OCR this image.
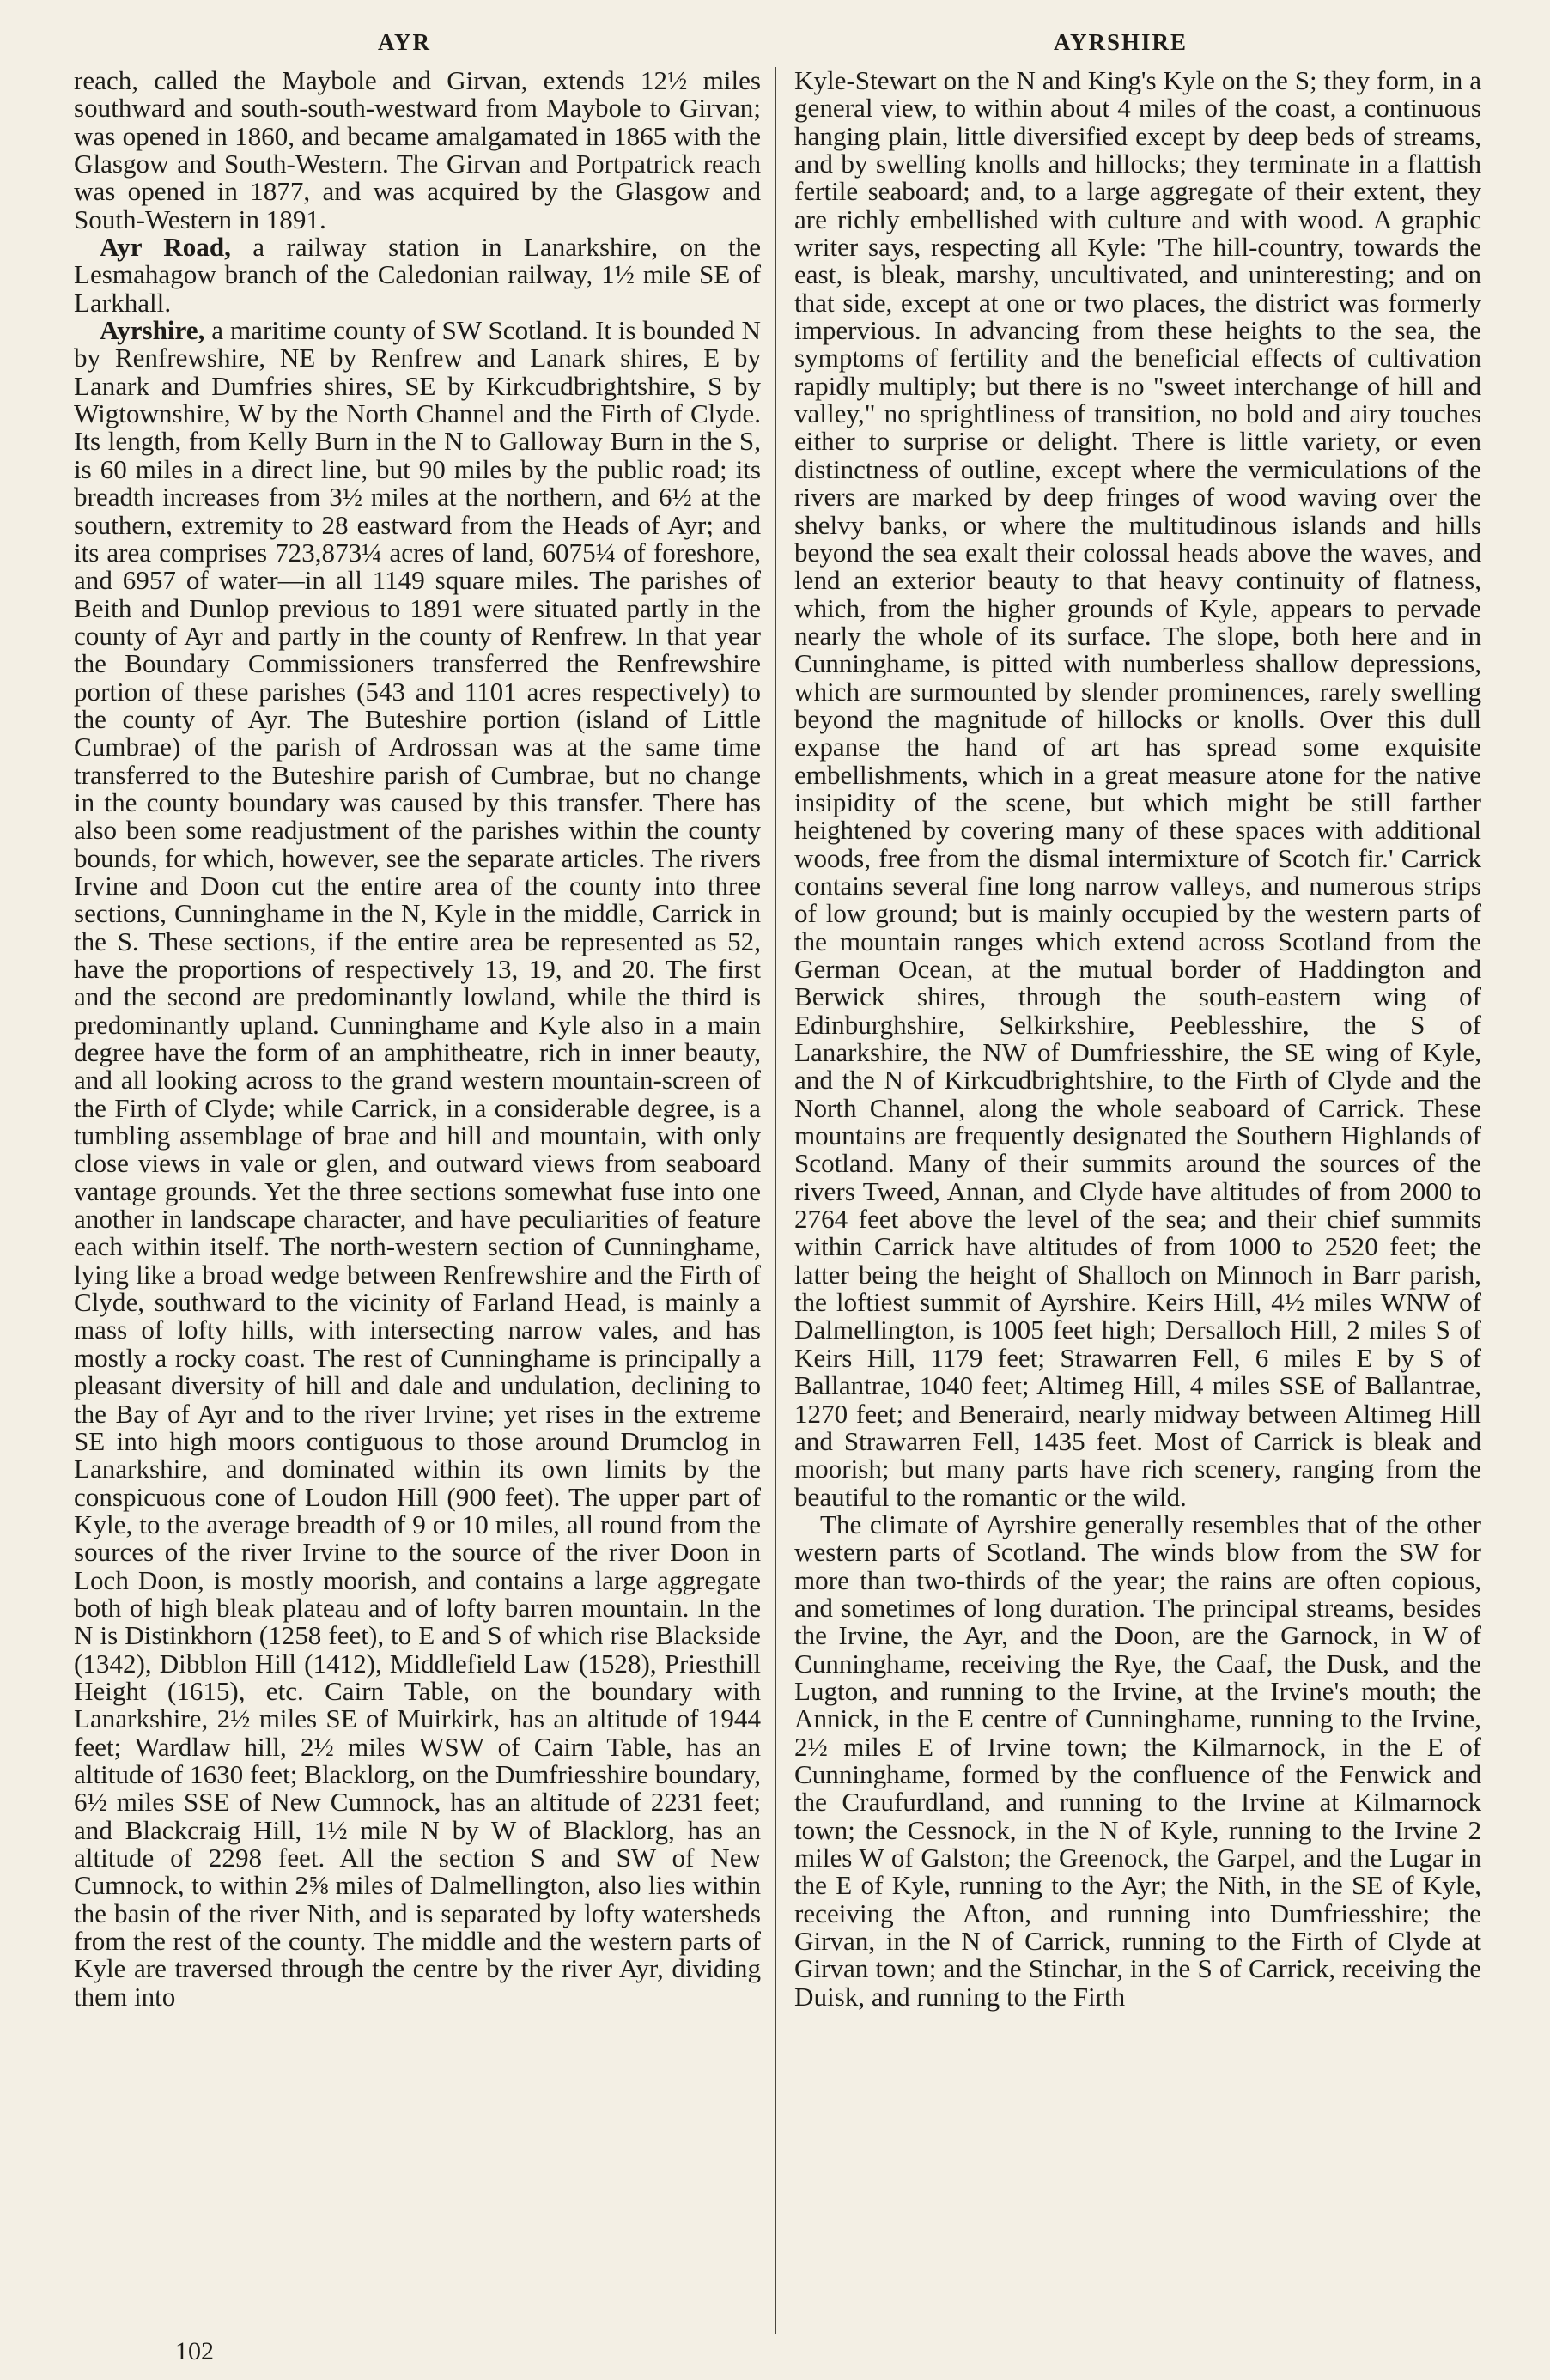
AYR	AYRSHIRE

reach, called the Maybole and Girvan, extends 12½ miles southward and south-south-westward from Maybole to Girvan; was opened in 1860, and became amalgamated in 1865 with the Glasgow and South-Western. The Girvan and Portpatrick reach was opened in 1877, and was acquired by the Glasgow and South-Western in 1891.

Ayr Road, a railway station in Lanarkshire, on the Lesmahagow branch of the Caledonian railway, 1½ mile SE of Larkhall.

Ayrshire, a maritime county of SW Scotland. It is bounded N by Renfrewshire, NE by Renfrew and Lanark shires, E by Lanark and Dumfries shires, SE by Kirkcudbrightshire, S by Wigtownshire, W by the North Channel and the Firth of Clyde. Its length, from Kelly Burn in the N to Galloway Burn in the S, is 60 miles in a direct line, but 90 miles by the public road; its breadth increases from 3½ miles at the northern, and 6½ at the southern, extremity to 28 eastward from the Heads of Ayr; and its area comprises 723,873¼ acres of land, 6075¼ of foreshore, and 6957 of water—in all 1149 square miles. The parishes of Beith and Dunlop previous to 1891 were situated partly in the county of Ayr and partly in the county of Renfrew. In that year the Boundary Commissioners transferred the Renfrewshire portion of these parishes (543 and 1101 acres respectively) to the county of Ayr. The Buteshire portion (island of Little Cumbrae) of the parish of Ardrossan was at the same time transferred to the Buteshire parish of Cumbrae, but no change in the county boundary was caused by this transfer. There has also been some readjustment of the parishes within the county bounds, for which, however, see the separate articles. The rivers Irvine and Doon cut the entire area of the county into three sections, Cunninghame in the N, Kyle in the middle, Carrick in the S. These sections, if the entire area be represented as 52, have the proportions of respectively 13, 19, and 20. The first and the second are predominantly lowland, while the third is predominantly upland. Cunninghame and Kyle also in a main degree have the form of an amphitheatre, rich in inner beauty, and all looking across to the grand western mountain-screen of the Firth of Clyde; while Carrick, in a considerable degree, is a tumbling assemblage of brae and hill and mountain, with only close views in vale or glen, and outward views from seaboard vantage grounds. Yet the three sections somewhat fuse into one another in landscape character, and have peculiarities of feature each within itself. The north-western section of Cunninghame, lying like a broad wedge between Renfrewshire and the Firth of Clyde, southward to the vicinity of Farland Head, is mainly a mass of lofty hills, with intersecting narrow vales, and has mostly a rocky coast. The rest of Cunninghame is principally a pleasant diversity of hill and dale and undulation, declining to the Bay of Ayr and to the river Irvine; yet rises in the extreme SE into high moors contiguous to those around Drumclog in Lanarkshire, and dominated within its own limits by the conspicuous cone of Loudon Hill (900 feet). The upper part of Kyle, to the average breadth of 9 or 10 miles, all round from the sources of the river Irvine to the source of the river Doon in Loch Doon, is mostly moorish, and contains a large aggregate both of high bleak plateau and of lofty barren mountain. In the N is Distinkhorn (1258 feet), to E and S of which rise Blackside (1342), Dibblon Hill (1412), Middlefield Law (1528), Priesthill Height (1615), etc. Cairn Table, on the boundary with Lanarkshire, 2½ miles SE of Muirkirk, has an altitude of 1944 feet; Wardlaw hill, 2½ miles WSW of Cairn Table, has an altitude of 1630 feet; Blacklorg, on the Dumfriesshire boundary, 6½ miles SSE of New Cumnock, has an altitude of 2231 feet; and Blackcraig Hill, 1½ mile N by W of Blacklorg, has an altitude of 2298 feet. All the section S and SW of New Cumnock, to within 2⅝ miles of Dalmellington, also lies within the basin of the river Nith, and is separated by lofty watersheds from the rest of the county. The middle and the western parts of Kyle are traversed through the centre by the river Ayr, dividing them into

Kyle-Stewart on the N and King's Kyle on the S; they form, in a general view, to within about 4 miles of the coast, a continuous hanging plain, little diversified except by deep beds of streams, and by swelling knolls and hillocks; they terminate in a flattish fertile seaboard; and, to a large aggregate of their extent, they are richly embellished with culture and with wood. A graphic writer says, respecting all Kyle: 'The hill-country, towards the east, is bleak, marshy, uncultivated, and uninteresting; and on that side, except at one or two places, the district was formerly impervious. In advancing from these heights to the sea, the symptoms of fertility and the beneficial effects of cultivation rapidly multiply; but there is no "sweet interchange of hill and valley," no sprightliness of transition, no bold and airy touches either to surprise or delight. There is little variety, or even distinctness of outline, except where the vermiculations of the rivers are marked by deep fringes of wood waving over the shelvy banks, or where the multitudinous islands and hills beyond the sea exalt their colossal heads above the waves, and lend an exterior beauty to that heavy continuity of flatness, which, from the higher grounds of Kyle, appears to pervade nearly the whole of its surface. The slope, both here and in Cunninghame, is pitted with numberless shallow depressions, which are surmounted by slender prominences, rarely swelling beyond the magnitude of hillocks or knolls. Over this dull expanse the hand of art has spread some exquisite embellishments, which in a great measure atone for the native insipidity of the scene, but which might be still farther heightened by covering many of these spaces with additional woods, free from the dismal intermixture of Scotch fir.' Carrick contains several fine long narrow valleys, and numerous strips of low ground; but is mainly occupied by the western parts of the mountain ranges which extend across Scotland from the German Ocean, at the mutual border of Haddington and Berwick shires, through the south-eastern wing of Edinburghshire, Selkirkshire, Peeblesshire, the S of Lanarkshire, the NW of Dumfriesshire, the SE wing of Kyle, and the N of Kirkcudbrightshire, to the Firth of Clyde and the North Channel, along the whole seaboard of Carrick. These mountains are frequently designated the Southern Highlands of Scotland. Many of their summits around the sources of the rivers Tweed, Annan, and Clyde have altitudes of from 2000 to 2764 feet above the level of the sea; and their chief summits within Carrick have altitudes of from 1000 to 2520 feet; the latter being the height of Shalloch on Minnoch in Barr parish, the loftiest summit of Ayrshire. Keirs Hill, 4½ miles WNW of Dalmellington, is 1005 feet high; Dersalloch Hill, 2 miles S of Keirs Hill, 1179 feet; Strawarren Fell, 6 miles E by S of Ballantrae, 1040 feet; Altimeg Hill, 4 miles SSE of Ballantrae, 1270 feet; and Beneraird, nearly midway between Altimeg Hill and Strawarren Fell, 1435 feet. Most of Carrick is bleak and moorish; but many parts have rich scenery, ranging from the beautiful to the romantic or the wild.

The climate of Ayrshire generally resembles that of the other western parts of Scotland. The winds blow from the SW for more than two-thirds of the year; the rains are often copious, and sometimes of long duration. The principal streams, besides the Irvine, the Ayr, and the Doon, are the Garnock, in W of Cunninghame, receiving the Rye, the Caaf, the Dusk, and the Lugton, and running to the Irvine, at the Irvine's mouth; the Annick, in the E centre of Cunninghame, running to the Irvine, 2½ miles E of Irvine town; the Kilmarnock, in the E of Cunninghame, formed by the confluence of the Fenwick and the Craufurdland, and running to the Irvine at Kilmarnock town; the Cessnock, in the N of Kyle, running to the Irvine 2 miles W of Galston; the Greenock, the Garpel, and the Lugar in the E of Kyle, running to the Ayr; the Nith, in the SE of Kyle, receiving the Afton, and running into Dumfriesshire; the Girvan, in the N of Carrick, running to the Firth of Clyde at Girvan town; and the Stinchar, in the S of Carrick, receiving the Duisk, and running to the Firth

102
